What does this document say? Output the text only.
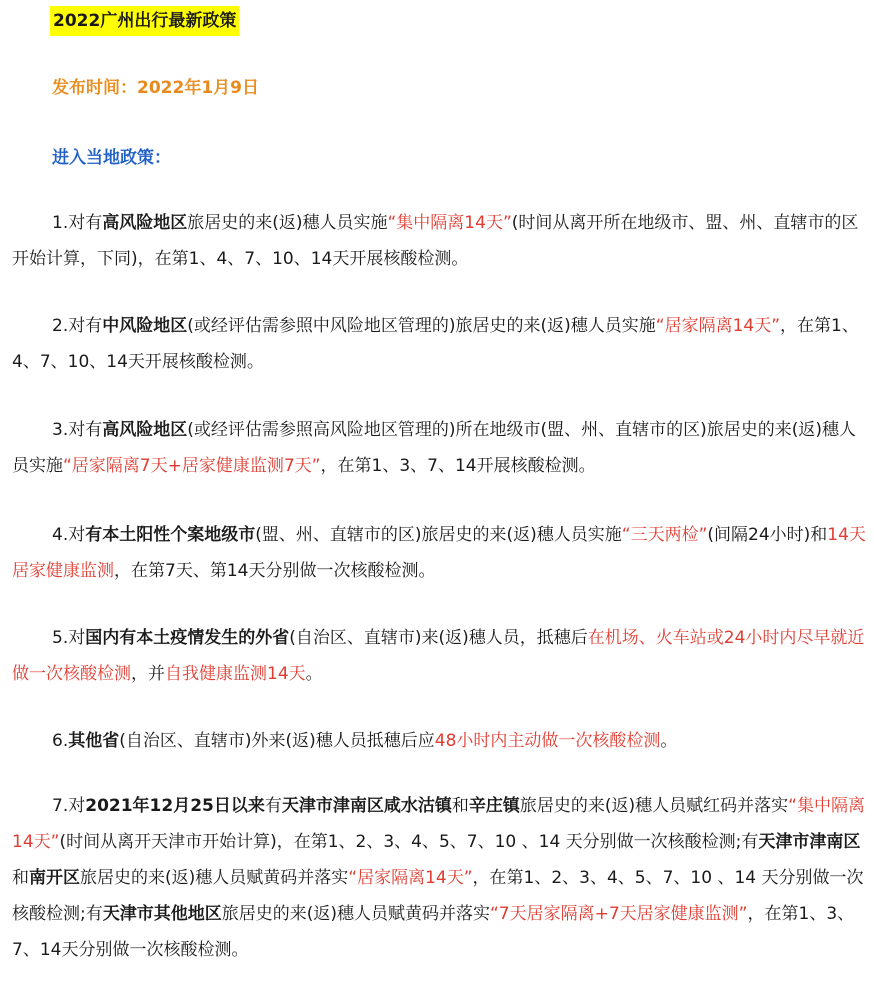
2022广州出行最新政策
发布时间：2022年1月9日
进入当地政策：
1.对有高风险地区旅居史的来(返)穗人员实施“集中隔离14天”(时间从离开所在地级市、盟、州、直辖市的区开始计算，下同)，在第1、4、7、10、14天开展核酸检测。
2.对有中风险地区(或经评估需参照中风险地区管理的)旅居史的来(返)穗人员实施“居家隔离14天”，在第1、4、7、10、14天开展核酸检测。
3.对有高风险地区(或经评估需参照高风险地区管理的)所在地级市(盟、州、直辖市的区)旅居史的来(返)穗人员实施“居家隔离7天+居家健康监测7天”，在第1、3、7、14开展核酸检测。
4.对有本土阳性个案地级市(盟、州、直辖市的区)旅居史的来(返)穗人员实施“三天两检”(间隔24小时)和14天居家健康监测，在第7天、第14天分别做一次核酸检测。
5.对国内有本土疫情发生的外省(自治区、直辖市)来(返)穗人员，抵穗后在机场、火车站或24小时内尽早就近做一次核酸检测，并自我健康监测14天。
6.其他省(自治区、直辖市)外来(返)穗人员抵穗后应48小时内主动做一次核酸检测。
7.对2021年12月25日以来有天津市津南区咸水沽镇和辛庄镇旅居史的来(返)穗人员赋红码并落实“集中隔离14天”(时间从离开天津市开始计算)，在第1、2、3、4、5、7、10 、14 天分别做一次核酸检测;有天津市津南区和南开区旅居史的来(返)穗人员赋黄码并落实“居家隔离14天”，在第1、2、3、4、5、7、10 、14 天分别做一次核酸检测;有天津市其他地区旅居史的来(返)穗人员赋黄码并落实“7天居家隔离+7天居家健康监测”，在第1、3、7、14天分别做一次核酸检测。
